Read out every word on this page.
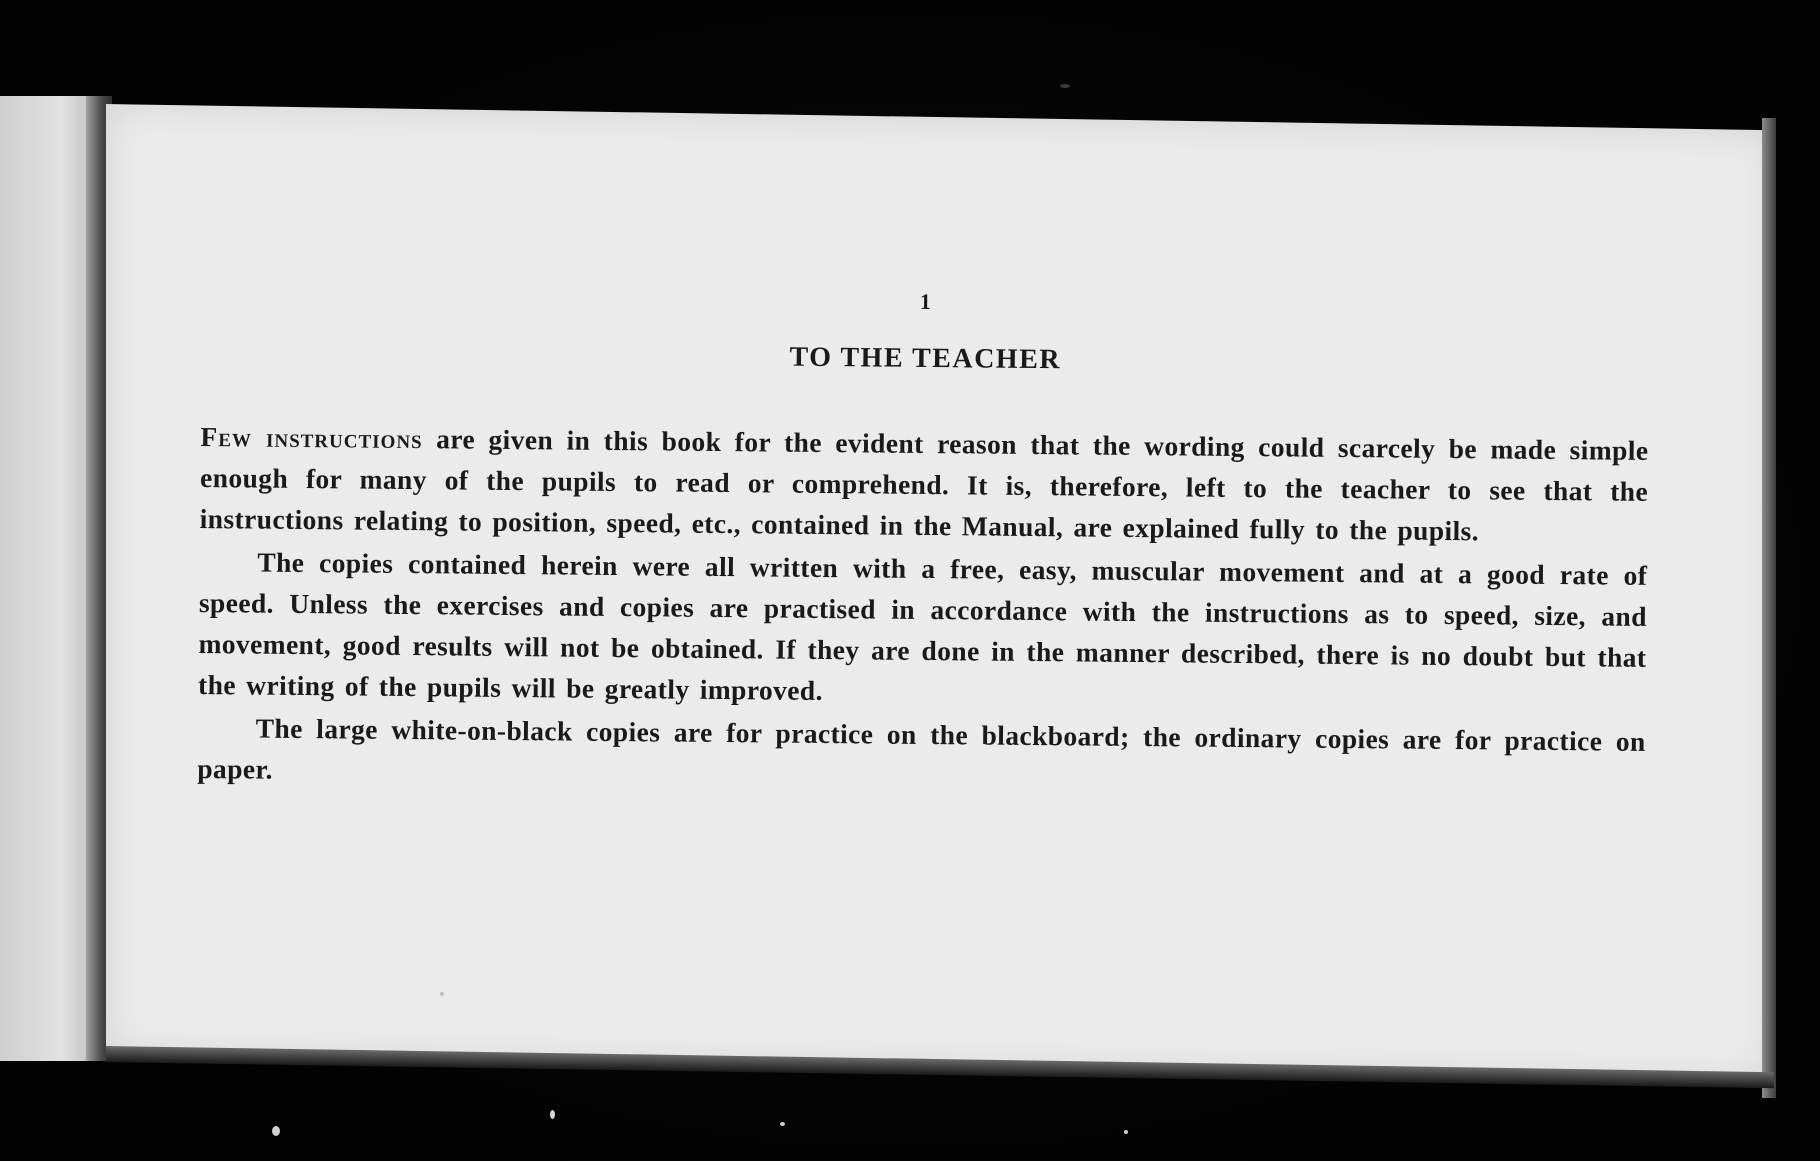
1
TO THE TEACHER

Few instructions are given in this book for the evident reason that the wording could scarcely be made simple enough for many of the pupils to read or comprehend. It is, therefore, left to the teacher to see that the instructions relating to position, speed, etc., contained in the Manual, are explained fully to the pupils.

The copies contained herein were all written with a free, easy, muscular movement and at a good rate of speed. Unless the exercises and copies are practised in accordance with the instructions as to speed, size, and movement, good results will not be obtained. If they are done in the manner described, there is no doubt but that the writing of the pupils will be greatly improved.

The large white-on-black copies are for practice on the blackboard; the ordinary copies are for practice on paper.
